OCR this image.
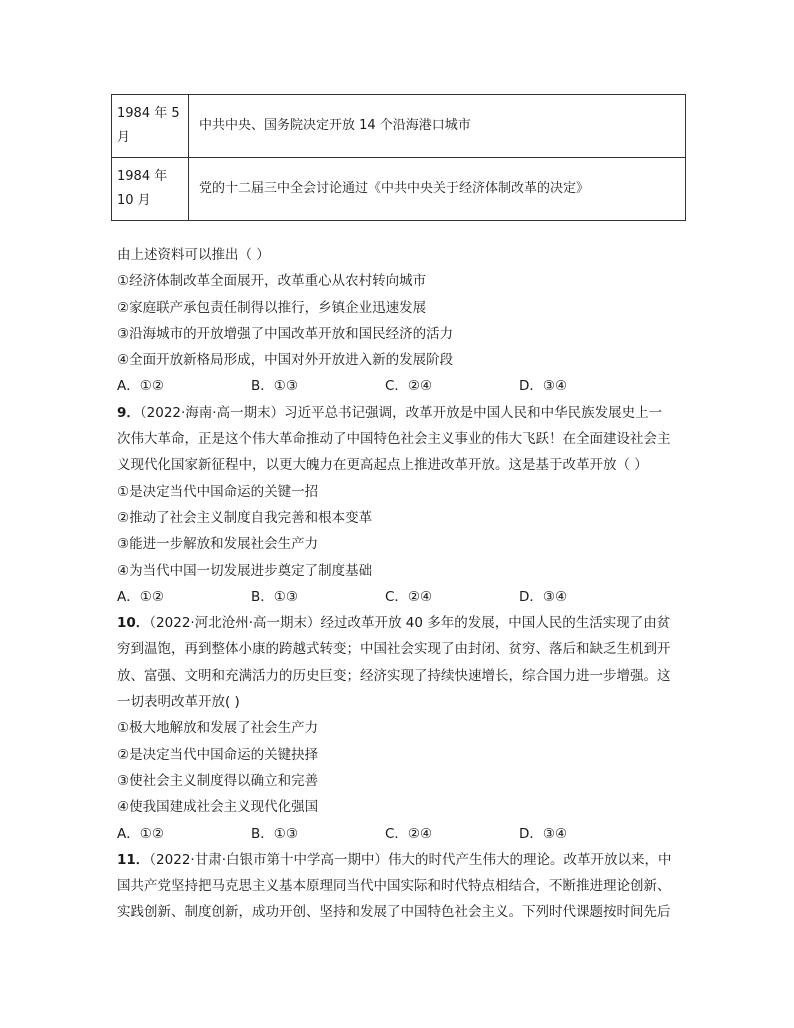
1984 年 5 月	中共中央、国务院决定开放 14 个沿海港口城市
1984 年 10 月	党的十二届三中全会讨论通过《中共中央关于经济体制改革的决定》
由上述资料可以推出（ ）
①经济体制改革全面展开，改革重心从农村转向城市
②家庭联产承包责任制得以推行，乡镇企业迅速发展
③沿海城市的开放增强了中国改革开放和国民经济的活力
④全面开放新格局形成，中国对外开放进入新的发展阶段
A．①②	B．①③	C．②④	D．③④
9．（2022·海南·高一期末）习近平总书记强调，改革开放是中国人民和中华民族发展史上一
次伟大革命，正是这个伟大革命推动了中国特色社会主义事业的伟大飞跃！在全面建设社会主
义现代化国家新征程中，以更大魄力在更高起点上推进改革开放。这是基于改革开放（ ）
①是决定当代中国命运的关键一招
②推动了社会主义制度自我完善和根本变革
③能进一步解放和发展社会生产力
④为当代中国一切发展进步奠定了制度基础
A．①②	B．①③	C．②④	D．③④
10．（2022·河北沧州·高一期末）经过改革开放 40 多年的发展，中国人民的生活实现了由贫
穷到温饱，再到整体小康的跨越式转变；中国社会实现了由封闭、贫穷、落后和缺乏生机到开
放、富强、文明和充满活力的历史巨变；经济实现了持续快速增长，综合国力进一步增强。这
一切表明改革开放( )
①极大地解放和发展了社会生产力
②是决定当代中国命运的关键抉择
③使社会主义制度得以确立和完善
④使我国建成社会主义现代化强国
A．①②	B．①③	C．②④	D．③④
11．（2022·甘肃·白银市第十中学高一期中）伟大的时代产生伟大的理论。改革开放以来，中
国共产党坚持把马克思主义基本原理同当代中国实际和时代特点相结合，不断推进理论创新、
实践创新、制度创新，成功开创、坚持和发展了中国特色社会主义。下列时代课题按时间先后
